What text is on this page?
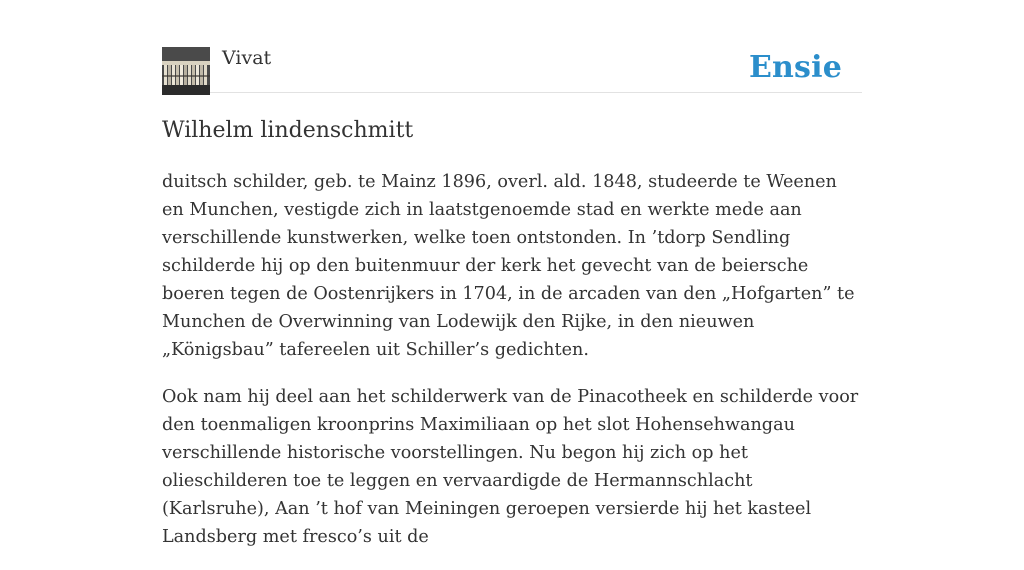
Vivat	Ensie
Wilhelm lindenschmitt

duitsch schilder, geb. te Mainz 1896, overl. ald. 1848, studeerde te Weenen en Munchen, vestigde zich in laatstgenoemde stad en werkte mede aan verschillende kunstwerken, welke toen ontstonden. In ’tdorp Sendling schilderde hij op den buitenmuur der kerk het gevecht van de beiersche boeren tegen de Oostenrijkers in 1704, in de arcaden van den „Hofgarten” te Munchen de Overwinning van Lodewijk den Rijke, in den nieuwen „Königsbau” tafereelen uit Schiller’s gedichten.

Ook nam hij deel aan het schilderwerk van de Pinacotheek en schilderde voor den toenmaligen kroonprins Maximiliaan op het slot Hohensehwangau verschillende historische voorstellingen. Nu begon hij zich op het olieschilderen toe te leggen en vervaardigde de Hermannschlacht (Karlsruhe), Aan ’t hof van Meiningen geroepen versierde hij het kasteel Landsberg met fresco’s uit de
